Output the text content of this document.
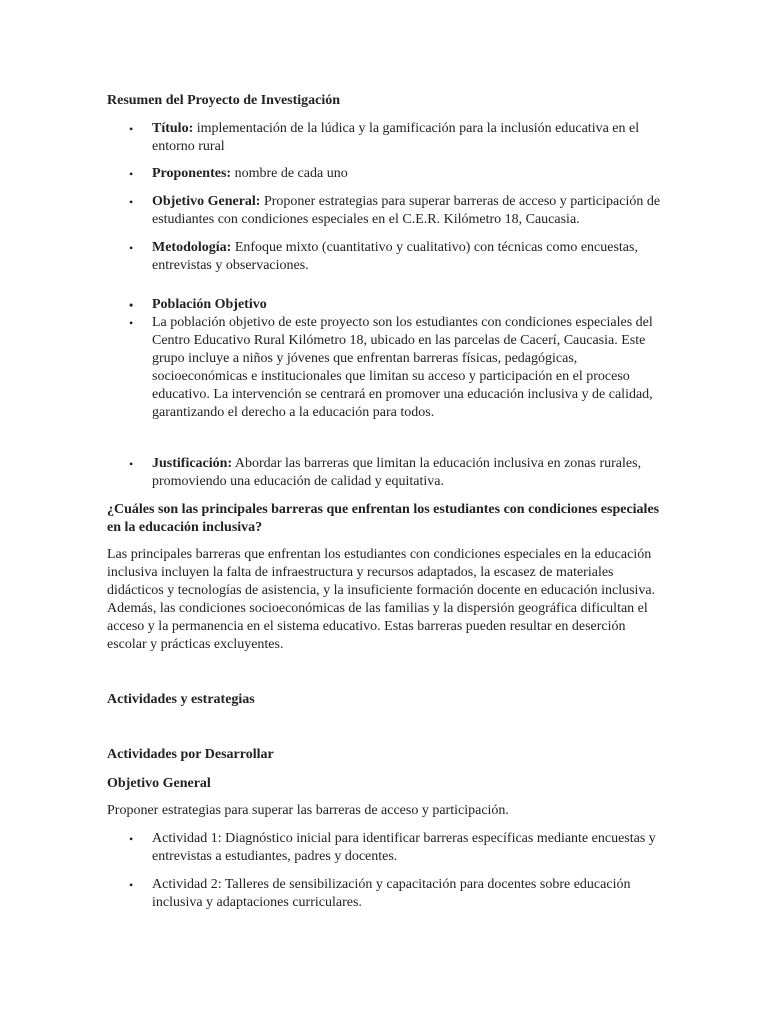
Resumen del Proyecto de Investigación

• Título: implementación de la lúdica y la gamificación para la inclusión educativa en el entorno rural

• Proponentes: nombre de cada uno

• Objetivo General: Proponer estrategias para superar barreras de acceso y participación de estudiantes con condiciones especiales en el C.E.R. Kilómetro 18, Caucasia.

• Metodología: Enfoque mixto (cuantitativo y cualitativo) con técnicas como encuestas, entrevistas y observaciones.

• Población Objetivo

• La población objetivo de este proyecto son los estudiantes con condiciones especiales del Centro Educativo Rural Kilómetro 18, ubicado en las parcelas de Cacerí, Caucasia. Este grupo incluye a niños y jóvenes que enfrentan barreras físicas, pedagógicas, socioeconómicas e institucionales que limitan su acceso y participación en el proceso educativo. La intervención se centrará en promover una educación inclusiva y de calidad, garantizando el derecho a la educación para todos.

• Justificación: Abordar las barreras que limitan la educación inclusiva en zonas rurales, promoviendo una educación de calidad y equitativa.

¿Cuáles son las principales barreras que enfrentan los estudiantes con condiciones especiales en la educación inclusiva?

Las principales barreras que enfrentan los estudiantes con condiciones especiales en la educación inclusiva incluyen la falta de infraestructura y recursos adaptados, la escasez de materiales didácticos y tecnologías de asistencia, y la insuficiente formación docente en educación inclusiva. Además, las condiciones socioeconómicas de las familias y la dispersión geográfica dificultan el acceso y la permanencia en el sistema educativo. Estas barreras pueden resultar en deserción escolar y prácticas excluyentes.

Actividades y estrategias

Actividades por Desarrollar

Objetivo General

Proponer estrategias para superar las barreras de acceso y participación.

• Actividad 1: Diagnóstico inicial para identificar barreras específicas mediante encuestas y entrevistas a estudiantes, padres y docentes.

• Actividad 2: Talleres de sensibilización y capacitación para docentes sobre educación inclusiva y adaptaciones curriculares.
